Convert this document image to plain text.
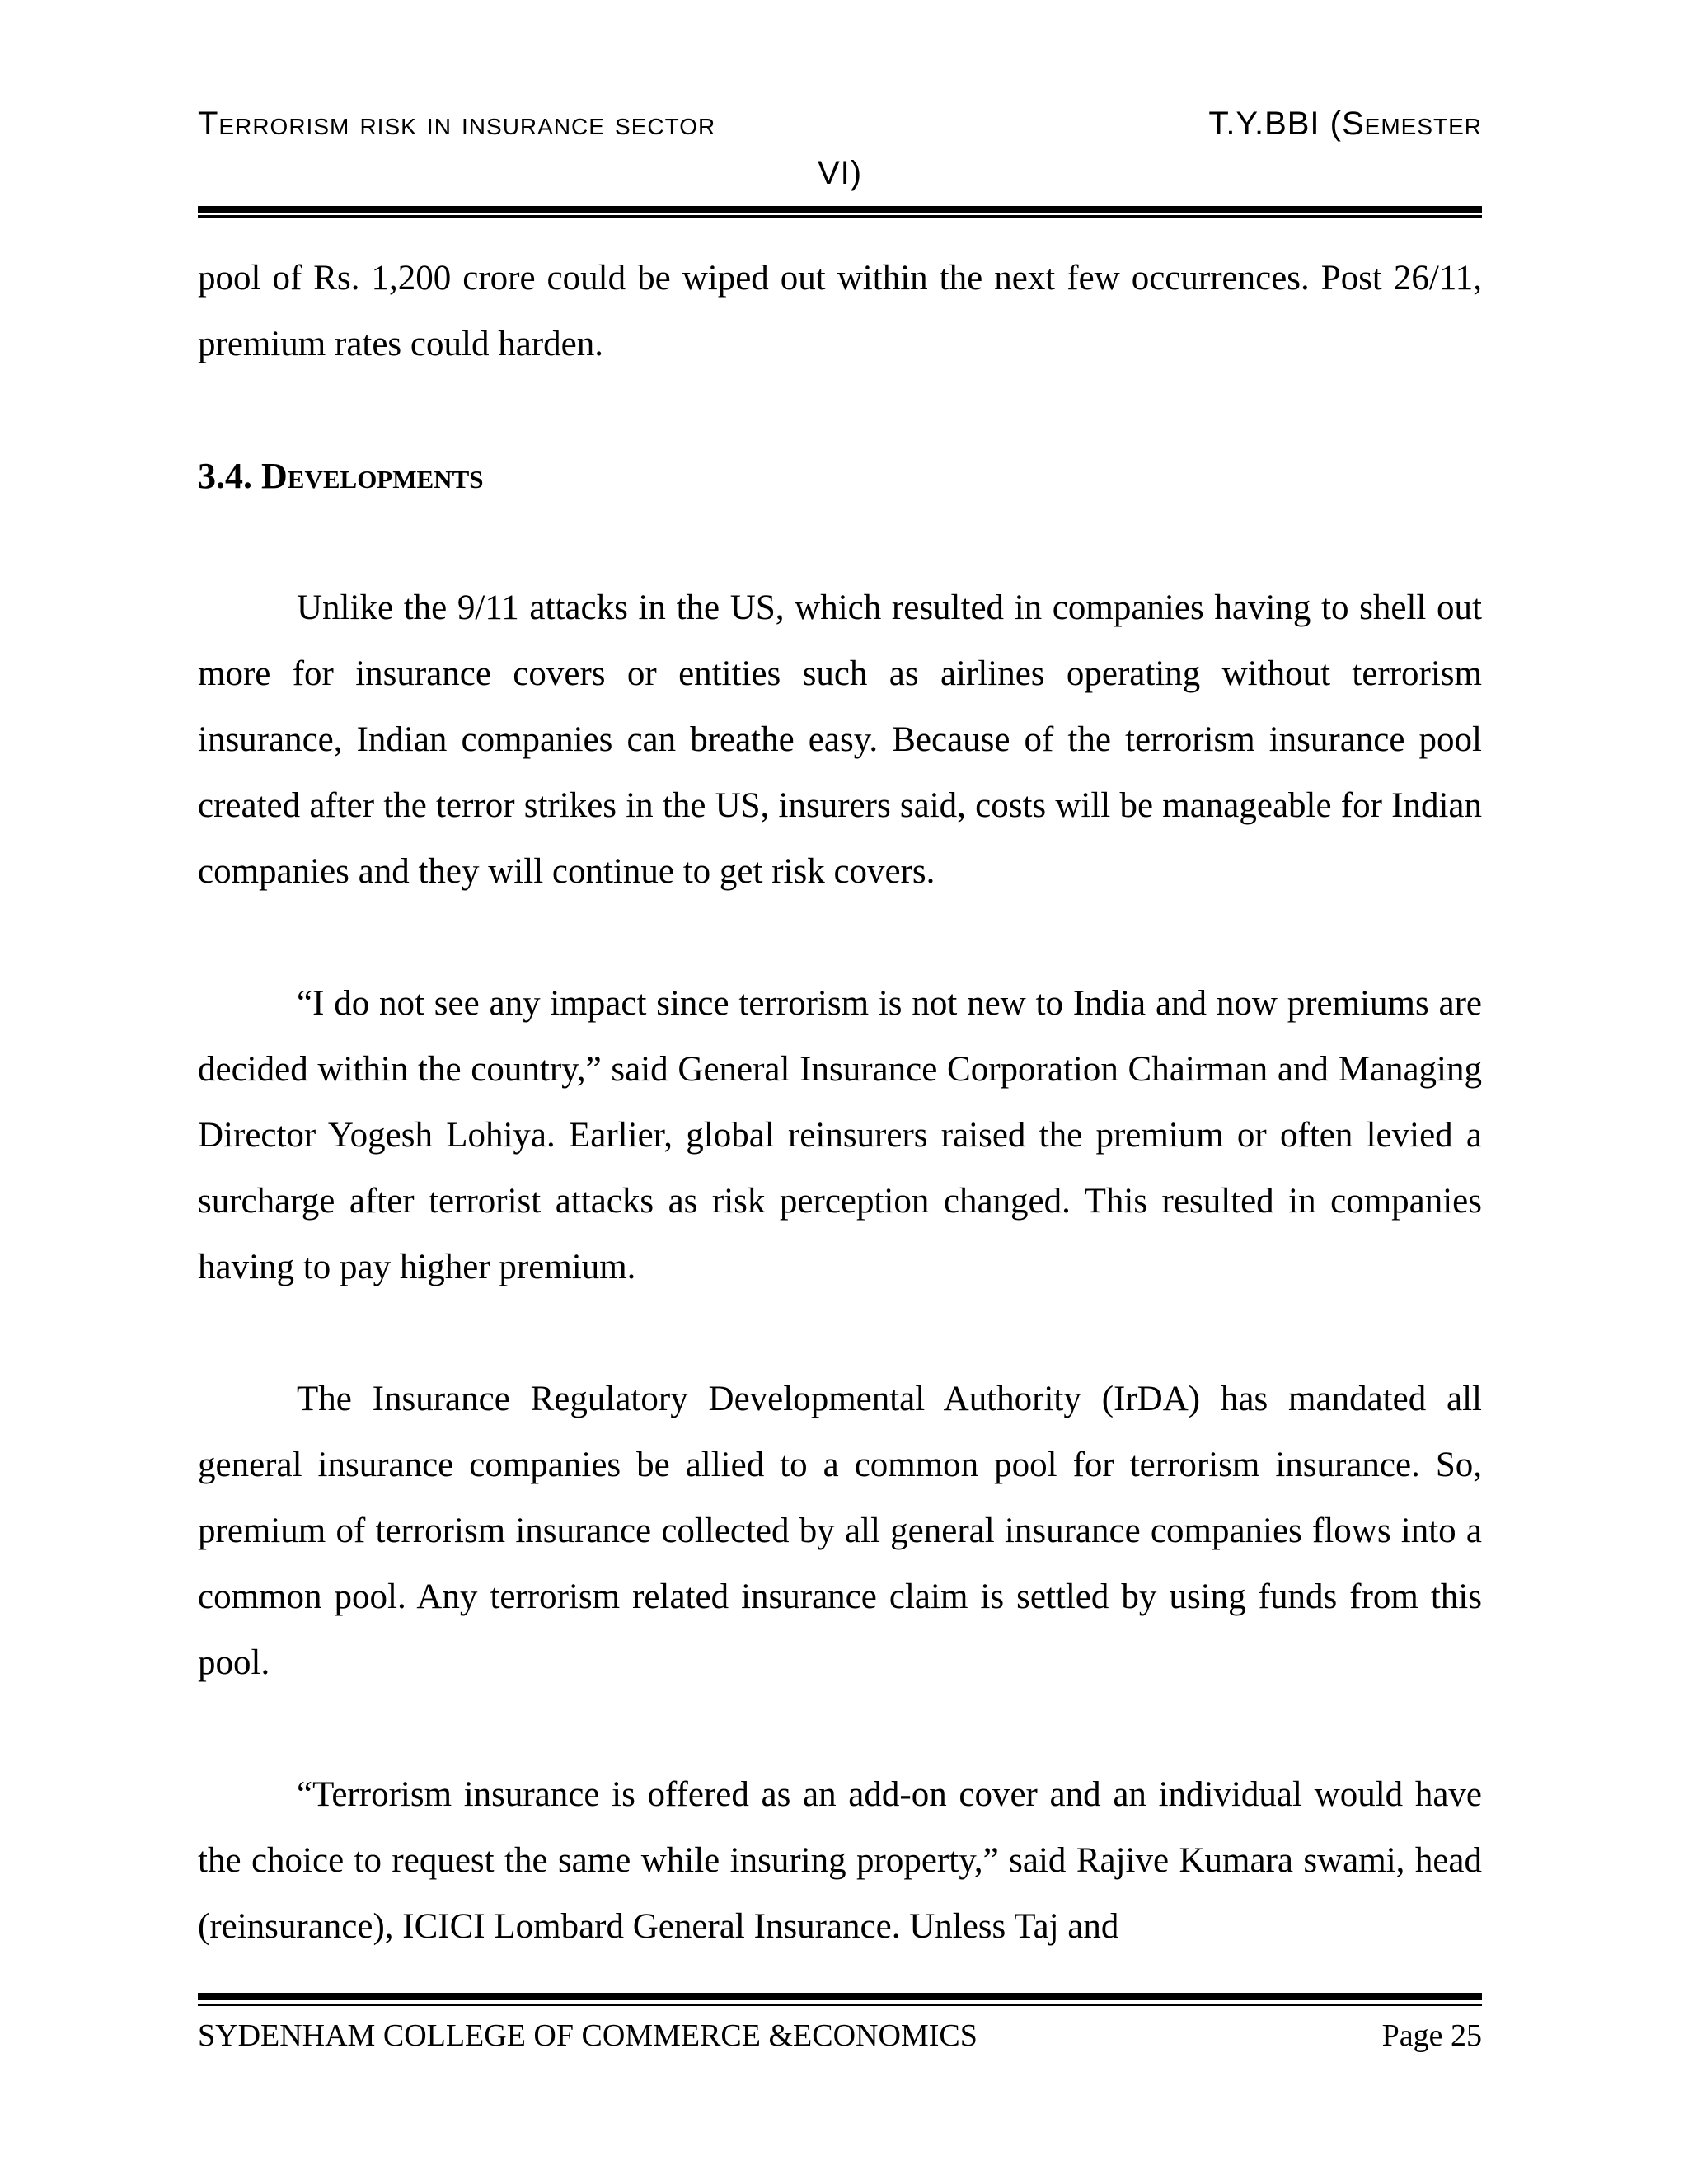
Terrorism risk in insurance sector	T.Y.BBI (Semester
VI)

pool of Rs. 1,200 crore could be wiped out within the next few occurrences. Post 26/11, premium rates could harden.

3.4. Developments

Unlike the 9/11 attacks in the US, which resulted in companies having to shell out more for insurance covers or entities such as airlines operating without terrorism insurance, Indian companies can breathe easy. Because of the terrorism insurance pool created after the terror strikes in the US, insurers said, costs will be manageable for Indian companies and they will continue to get risk covers.

“I do not see any impact since terrorism is not new to India and now premiums are decided within the country,” said General Insurance Corporation Chairman and Managing Director Yogesh Lohiya. Earlier, global reinsurers raised the premium or often levied a surcharge after terrorist attacks as risk perception changed. This resulted in companies having to pay higher premium.

The Insurance Regulatory Developmental Authority (IrDA) has mandated all general insurance companies be allied to a common pool for terrorism insurance. So, premium of terrorism insurance collected by all general insurance companies flows into a common pool. Any terrorism related insurance claim is settled by using funds from this pool.

“Terrorism insurance is offered as an add-on cover and an individual would have the choice to request the same while insuring property,” said Rajive Kumara swami, head (reinsurance), ICICI Lombard General Insurance. Unless Taj and

SYDENHAM COLLEGE OF COMMERCE &ECONOMICS	Page 25
